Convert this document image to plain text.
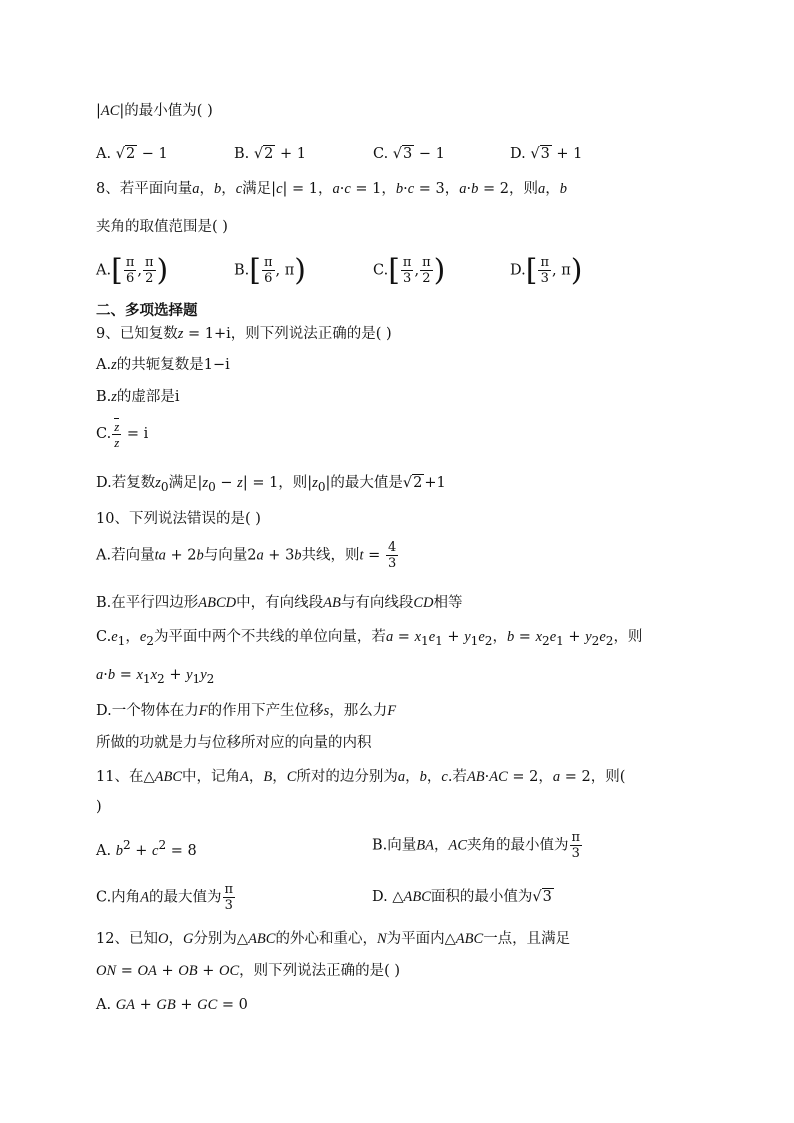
|AC|的最小值为( )
A. √2 − 1	B. √2 + 1	C. √3 − 1	D. √3 + 1
8、若平面向量a，b，c满足|c| = 1，a·c = 1，b·c = 3，a·b = 2，则a，b
夹角的取值范围是( )
$A.[ \frac{\pi}{6}$ , $\frac{\pi}{2}$ )	$B.[ \frac{\pi}{6}$ , π)	$C.[ \frac{\pi}{3}$ , $\frac{\pi}{2}$ )	$D.[ \frac{\pi}{3}$ , π)
二、多项选择题
9、已知复数z = 1+i，则下列说法正确的是( )
A.z的共轭复数是1−i
B.z的虚部是i
C. $\frac{z}{z} = i$
D.若复数$z_0$满足$|z_0 - z| = 1$，则$|z_0|$的最大值是√2 +1
10、下列说法错误的是( )
A.若向量ta + 2b与向量2a + 3b共线，则$t = \frac{4}{3}$
B.在平行四边形ABCD中，有向线段AB与有向线段CD相等
$C.e_1$，$e_2$为平面中两个不共线的单位向量，若$a = x_1e_1 + y_1e_2$，$b = x_2e_1 + y_2e_2$，则
$a\cdot b = x_1x_2 + y_1y_2$
D.一个物体在力F的作用下产生位移s，那么力F
所做的功就是力与位移所对应的向量的内积
11、在△ABC中，记角A，B，C所对的边分别为a，b，c.若AB·AC = 2，a = 2，则(
)
A. $b^2 + c^2 = 8$	B.向量BA，AC夹角的最小值为 $\frac{\pi}{3}$
C.内角A的最大值为 $\frac{\pi}{3}$	D. △ABC面积的最小值为√3
12、已知O，G分别为△ABC的外心和重心，N为平面内△ABC一点，且满足
ON = OA + OB + OC，则下列说法正确的是( )
A. GA + GB + GC = 0
